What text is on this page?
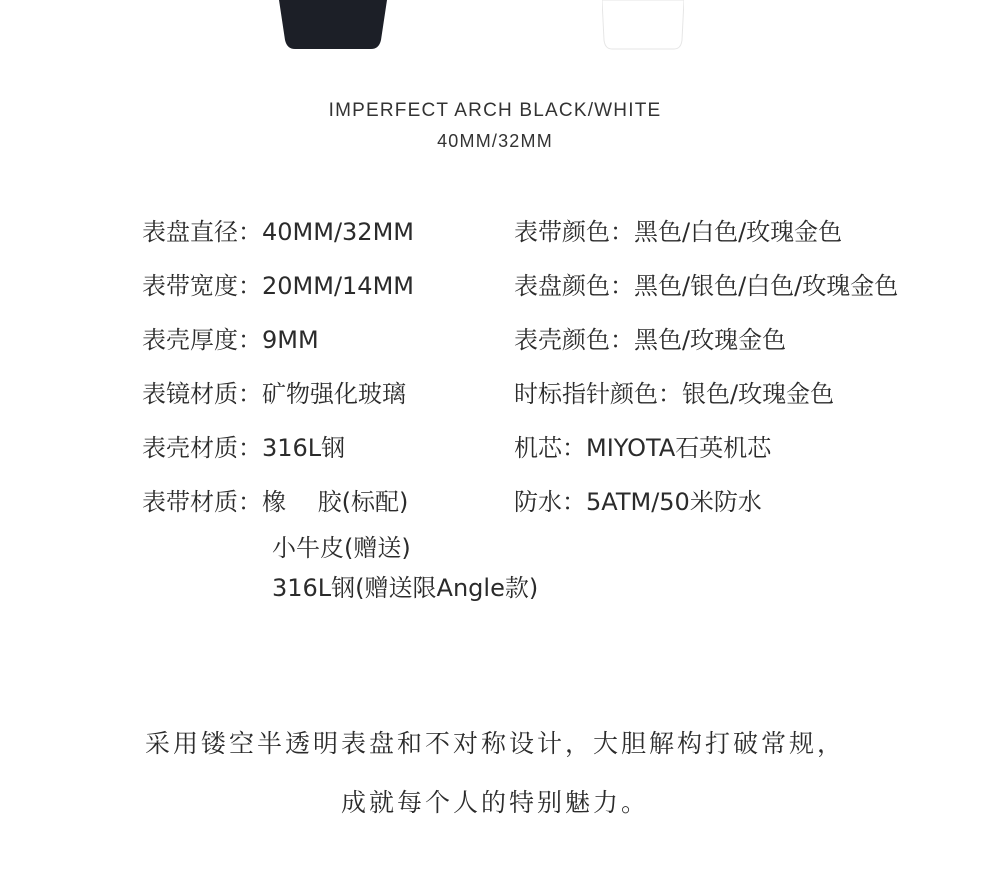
IMPERFECT ARCH BLACK/WHITE
40MM/32MM
表盘直径：40MM/32MM
表带宽度：20MM/14MM
表壳厚度：9MM
表镜材质：矿物强化玻璃
表壳材质：316L钢
表带材质：橡　 胶(标配)
表带颜色：黑色/白色/玫瑰金色
表盘颜色：黑色/银色/白色/玫瑰金色
表壳颜色：黑色/玫瑰金色
时标指针颜色：银色/玫瑰金色
机芯：MIYOTA石英机芯
防水：5ATM/50米防水
小牛皮(赠送)
316L钢(赠送限Angle款)
采用镂空半透明表盘和不对称设计，大胆解构打破常规，
成就每个人的特别魅力。
